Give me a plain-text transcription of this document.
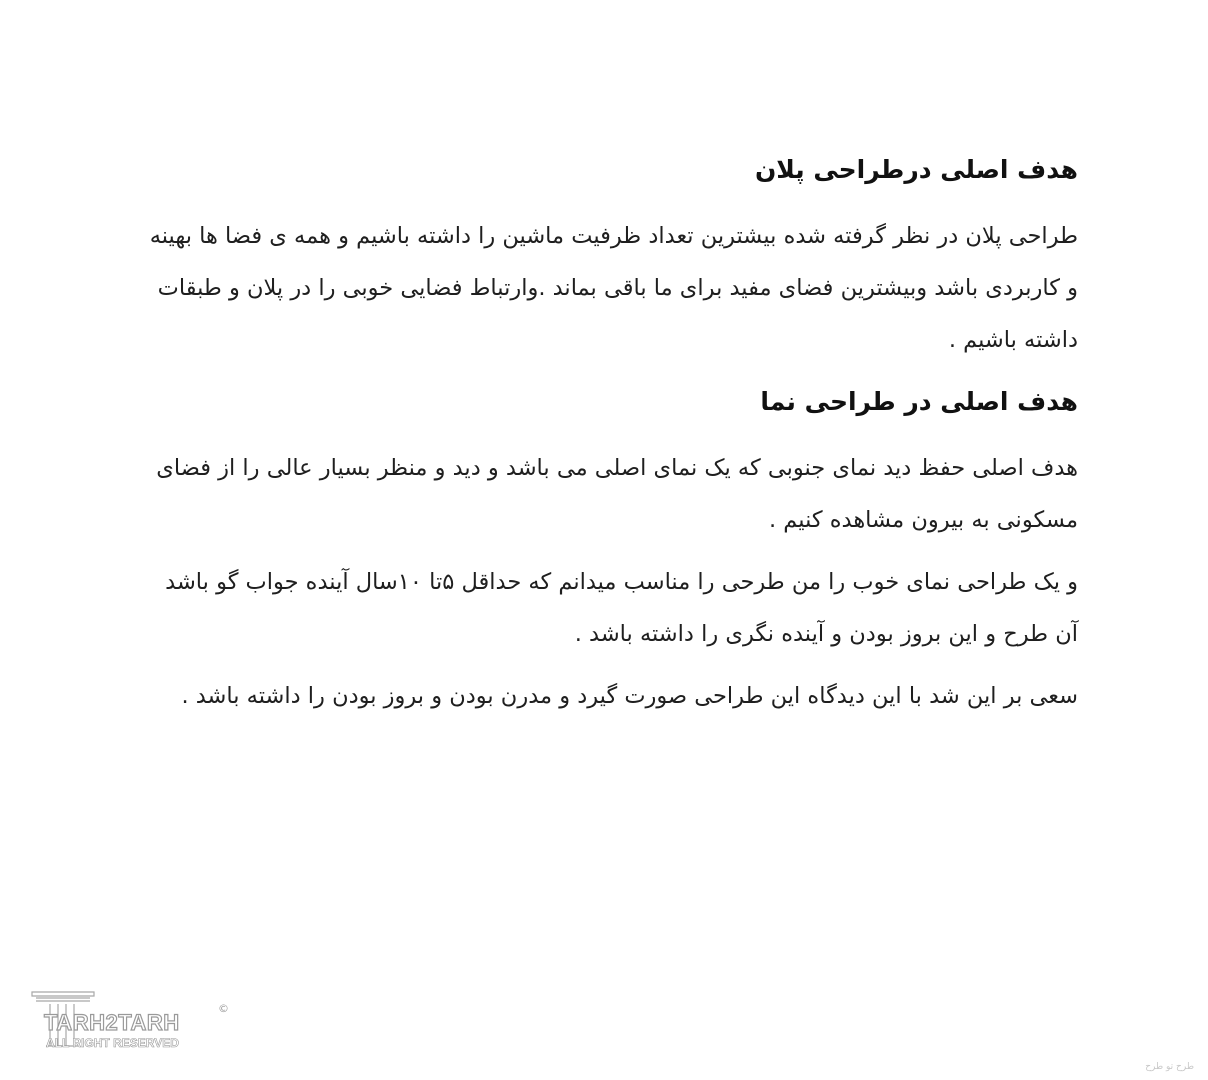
هدف اصلی درطراحی پلان

طراحی پلان در نظر گرفته شده بیشترین تعداد ظرفیت ماشین را داشته باشیم و همه ی فضا ها بهینه و کاربردی باشد وبیشترین فضای مفید برای ما باقی بماند .وارتباط فضایی خوبی را در پلان و طبقات داشته باشیم .

هدف اصلی در طراحی نما

هدف اصلی حفظ دید نمای جنوبی که یک نمای اصلی می باشد و دید و منظر بسیار عالی را از فضای مسکونی به بیرون مشاهده کنیم .

و یک طراحی نمای خوب را من طرحی را مناسب میدانم که حداقل ۵تا ۱۰سال آینده جواب گو باشد آن طرح و این بروز بودن و آینده نگری را داشته باشد .

سعی بر این شد با این دیدگاه این طراحی صورت گیرد و مدرن بودن و بروز بودن را داشته باشد .

TARH2TARH
ALL RIGHT RESERVED
©
طرح تو طرح
